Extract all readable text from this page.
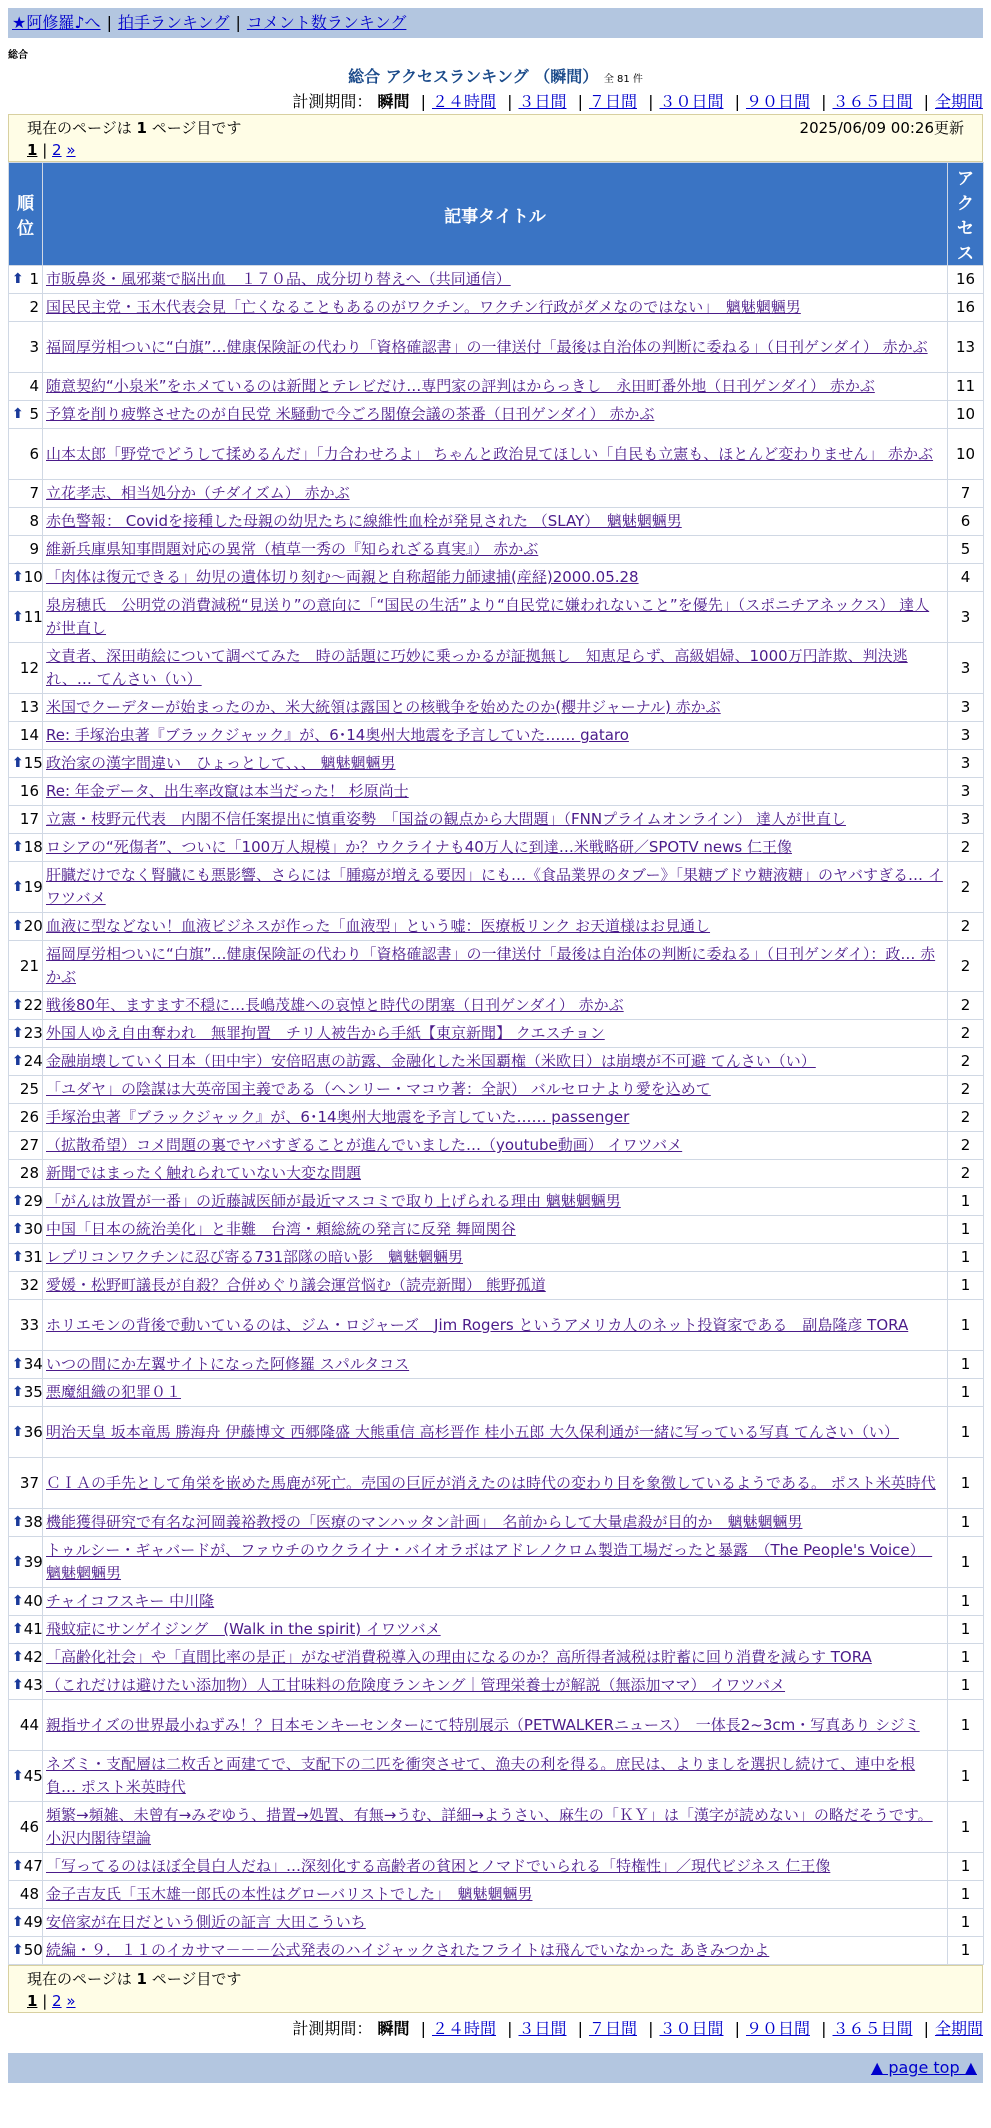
★阿修羅♪へ | 拍手ランキング | コメント数ランキング
総合
総合 アクセスランキング （瞬間） 全 81 件
計測期間： 瞬間 | ２４時間 | ３日間 | ７日間 | ３０日間 | ９０日間 | ３６５日間 | 全期間
現在のページは 1 ページ目です	2025/06/09 00:26更新
1 | 2 »
順位	記事タイトル	アクセス

⬆ 1	市販鼻炎・風邪薬で脳出血　１７０品、成分切り替えへ（共同通信）	16
2	国民民主党・玉木代表会見「亡くなることもあるのがワクチン。ワクチン行政がダメなのではない」　魑魅魍魎男	16
3	福岡厚労相ついに“白旗”…健康保険証の代わり「資格確認書」の一律送付「最後は自治体の判断に委ねる」（日刊ゲンダイ） 赤かぶ	13
4	随意契約“小泉米”をホメているのは新聞とテレビだけ…専門家の評判はからっきし　永田町番外地（日刊ゲンダイ） 赤かぶ	11

⬆ 5	予算を削り疲弊させたのが自民党 米騒動で今ごろ閣僚会議の茶番（日刊ゲンダイ） 赤かぶ	10
6	山本太郎「野党でどうして揉めるんだ」「力合わせろよ」 ちゃんと政治見てほしい「自民も立憲も、ほとんど変わりません」 赤かぶ	10
7	立花孝志、相当処分か（チダイズム） 赤かぶ	7
8	赤色警報： Covidを接種した母親の幼児たちに線維性血栓が発見された （SLAY）　魑魅魍魎男	6
9	維新兵庫県知事問題対応の異常（植草一秀の『知られざる真実』） 赤かぶ	5

⬆ 10	「肉体は復元できる」幼児の遺体切り刻む～両親と自称超能力師逮捕(産経)2000.05.28	4

⬆ 11	泉房穂氏　公明党の消費減税“見送り”の意向に「“国民の生活”より“自民党に嫌われないこと”を優先」（スポニチアネックス） 達人が世直し	3
12	文責者、深田萌絵について調べてみた　時の話題に巧妙に乗っかるが証拠無し　知恵足らず、高級娼婦、1000万円詐欺、判決逃れ、… てんさい（い）	3
13	米国でクーデターが始まったのか、米大統領は露国との核戦争を始めたのか(櫻井ジャーナル) 赤かぶ	3
14	Re: 手塚治虫著『ブラックジャック』が、6･14奥州大地震を予言していた…… gataro	3

⬆ 15	政治家の漢字間違い　ひょっとして、、、 魑魅魍魎男	3
16	Re: 年金データ、出生率改竄は本当だった！ 杉原尚士	3
17	立憲・枝野元代表　内閣不信任案提出に慎重姿勢　「国益の観点から大問題」（FNNプライムオンライン） 達人が世直し	3

⬆ 18	ロシアの“死傷者”、ついに「100万人規模」か？ウクライナも40万人に到達…米戦略研／SPOTV news 仁王像	2

⬆ 19	肝臓だけでなく腎臓にも悪影響、さらには「腫瘍が増える要因」にも…《食品業界のタブー》「果糖ブドウ糖液糖」のヤバすぎる… イワツバメ	2

⬆ 20	血液に型などない！血液ビジネスが作った「血液型」という嘘：医療板リンク お天道様はお見通し	2
21	福岡厚労相ついに“白旗”…健康保険証の代わり「資格確認書」の一律送付「最後は自治体の判断に委ねる」（日刊ゲンダイ）：政… 赤かぶ	2

⬆ 22	戦後80年、ますます不穏に…長嶋茂雄への哀悼と時代の閉塞（日刊ゲンダイ） 赤かぶ	2

⬆ 23	外国人ゆえ自由奪われ　無罪拘置　チリ人被告から手紙【東京新聞】 クエスチョン	2

⬆ 24	金融崩壊していく日本（田中宇）安倍昭恵の訪露、金融化した米国覇権（米欧日）は崩壊が不可避 てんさい（い）	2
25	「ユダヤ」の陰謀は大英帝国主義である（ヘンリー・マコウ著：全訳） バルセロナより愛を込めて	2
26	手塚治虫著『ブラックジャック』が、6･14奥州大地震を予言していた…… passenger	2
27	（拡散希望）コメ問題の裏でヤバすぎることが進んでいました…（youtube動画） イワツバメ	2
28	新聞ではまったく触れられていない大変な問題	2

⬆ 29	「がんは放置が一番」の近藤誠医師が最近マスコミで取り上げられる理由 魑魅魍魎男	1

⬆ 30	中国「日本の統治美化」と非難　台湾・頼総統の発言に反発 舞岡関谷	1

⬆ 31	レプリコンワクチンに忍び寄る731部隊の暗い影　魑魅魍魎男	1
32	愛媛・松野町議長が自殺？合併めぐり議会運営悩む（読売新聞） 熊野孤道	1
33	ホリエモンの背後で動いているのは、ジム・ロジャーズ　Jim Rogers というアメリカ人のネット投資家である　副島隆彦 TORA	1

⬆ 34	いつの間にか左翼サイトになった阿修羅 スパルタコス	1

⬆ 35	悪魔組織の犯罪０１	1

⬆ 36	明治天皇 坂本竜馬 勝海舟 伊藤博文 西郷隆盛 大熊重信 高杉晋作 桂小五郎 大久保利通が一緒に写っている写真 てんさい（い）	1
37	ＣＩＡの手先として角栄を嵌めた馬鹿が死亡。売国の巨匠が消えたのは時代の変わり目を象徴しているようである。 ポスト米英時代	1

⬆ 38	機能獲得研究で有名な河岡義裕教授の「医療のマンハッタン計画」　名前からして大量虐殺が目的か　魑魅魍魎男	1

⬆ 39	トゥルシー・ギャバードが、ファウチのウクライナ・バイオラボはアドレノクロム製造工場だったと暴露　（The People's Voice）　魑魅魍魎男	1

⬆ 40	チャイコフスキー 中川隆	1

⬆ 41	飛蚊症にサンゲイジング　(Walk in the spirit) イワツバメ	1

⬆ 42	「高齢化社会」や「直間比率の是正」がなぜ消費税導入の理由になるのか？高所得者減税は貯蓄に回り消費を減らす TORA	1

⬆ 43	（これだけは避けたい添加物）人工甘味料の危険度ランキング｜管理栄養士が解説（無添加ママ） イワツバメ	1
44	親指サイズの世界最小ねずみ！？日本モンキーセンターにて特別展示（PETWALKERニュース）　一体長2~3cm・写真あり シジミ	1

⬆ 45	ネズミ・支配層は二枚舌と両建てで、支配下の二匹を衝突させて、漁夫の利を得る。庶民は、よりましを選択し続けて、連中を根負… ポスト米英時代	1
46	頻繁→頻雑、未曾有→みぞゆう、措置→処置、有無→うむ、詳細→ようさい、麻生の「ＫＹ」は「漢字が読めない」の略だそうです。 小沢内閣待望論	1

⬆ 47	「写ってるのはほぼ全員白人だね」…深刻化する高齢者の貧困とノマドでいられる「特権性」／現代ビジネス 仁王像	1
48	金子吉友氏「玉木雄一郎氏の本性はグローバリストでした」　魑魅魍魎男	1

⬆ 49	安倍家が在日だという側近の証言 大田こういち	1

⬆ 50	続編・９．１１のイカサマ－－－公式発表のハイジャックされたフライトは飛んでいなかった あきみつかよ	1
現在のページは 1 ページ目です
1 | 2 »
計測期間： 瞬間 | ２４時間 | ３日間 | ７日間 | ３０日間 | ９０日間 | ３６５日間 | 全期間
▲ page top ▲
